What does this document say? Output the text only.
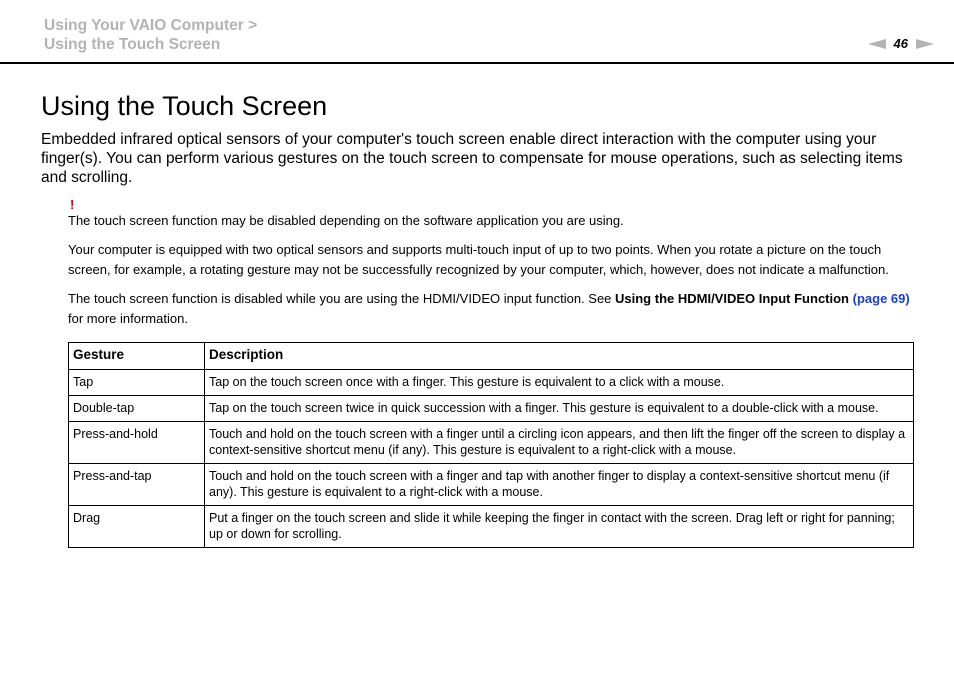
Using Your VAIO Computer >
Using the Touch Screen	46
Using the Touch Screen

Embedded infrared optical sensors of your computer's touch screen enable direct interaction with the computer using your finger(s). You can perform various gestures on the touch screen to compensate for mouse operations, such as selecting items and scrolling.

!

The touch screen function may be disabled depending on the software application you are using.

Your computer is equipped with two optical sensors and supports multi-touch input of up to two points. When you rotate a picture on the touch screen, for example, a rotating gesture may not be successfully recognized by your computer, which, however, does not indicate a malfunction.

The touch screen function is disabled while you are using the HDMI/VIDEO input function. See Using the HDMI/VIDEO Input Function (page 69) for more information.

Gesture	Description
Tap	Tap on the touch screen once with a finger. This gesture is equivalent to a click with a mouse.
Double-tap	Tap on the touch screen twice in quick succession with a finger. This gesture is equivalent to a double-click with a mouse.
Press-and-hold	Touch and hold on the touch screen with a finger until a circling icon appears, and then lift the finger off the screen to display a context-sensitive shortcut menu (if any). This gesture is equivalent to a right-click with a mouse.
Press-and-tap	Touch and hold on the touch screen with a finger and tap with another finger to display a context-sensitive shortcut menu (if any). This gesture is equivalent to a right-click with a mouse.
Drag	Put a finger on the touch screen and slide it while keeping the finger in contact with the screen. Drag left or right for panning; up or down for scrolling.
